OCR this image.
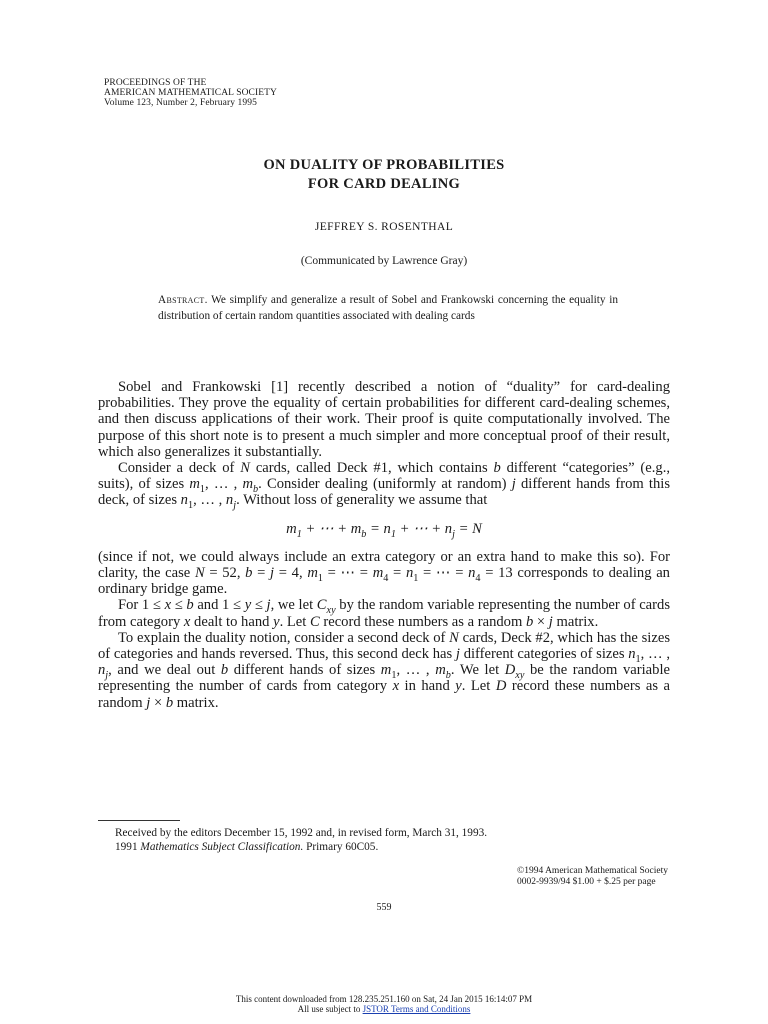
PROCEEDINGS OF THE
AMERICAN MATHEMATICAL SOCIETY
Volume 123, Number 2, February 1995
ON DUALITY OF PROBABILITIES
FOR CARD DEALING
JEFFREY S. ROSENTHAL
(Communicated by Lawrence Gray)
Abstract. We simplify and generalize a result of Sobel and Frankowski concerning the equality in distribution of certain random quantities associated with dealing cards

Sobel and Frankowski [1] recently described a notion of “duality” for card-dealing probabilities. They prove the equality of certain probabilities for different card-dealing schemes, and then discuss applications of their work. Their proof is quite computationally involved. The purpose of this short note is to present a much simpler and more conceptual proof of their result, which also generalizes it substantially.

Consider a deck of N cards, called Deck #1, which contains b different “categories” (e.g., suits), of sizes $m_1$, … , $m_b$. Consider dealing (uniformly at random) j different hands from this deck, of sizes $n_1$, … , $n_j$. Without loss of generality we assume that

$m_1$ + ⋯ + $m_b = n_1$ + ⋯ + $n_j = N$

(since if not, we could always include an extra category or an extra hand to make this so). For clarity, the case N = 52, b = j = 4, $m_1$ = ⋯ = $m_4 = n_1$ = ⋯ = $n_4 = 13$ corresponds to dealing an ordinary bridge game.

For 1 ≤ x ≤ b and 1 ≤ y ≤ j, we let $C_{xy}$ by the random variable representing the number of cards from category x dealt to hand y. Let C record these numbers as a random b × j matrix.

To explain the duality notion, consider a second deck of N cards, Deck #2, which has the sizes of categories and hands reversed. Thus, this second deck has j different categories of sizes $n_1$, … , $n_j$, and we deal out b different hands of sizes $m_1$, … , $m_b$. We let $D_{xy}$ be the random variable representing the number of cards from category x in hand y. Let D record these numbers as a random j × b matrix.

Received by the editors December 15, 1992 and, in revised form, March 31, 1993.
1991 Mathematics Subject Classification. Primary 60C05.
©1994 American Mathematical Society
0002-9939/94 $1.00 + $.25 per page
559
This content downloaded from 128.235.251.160 on Sat, 24 Jan 2015 16:14:07 PM
All use subject to JSTOR Terms and Conditions
